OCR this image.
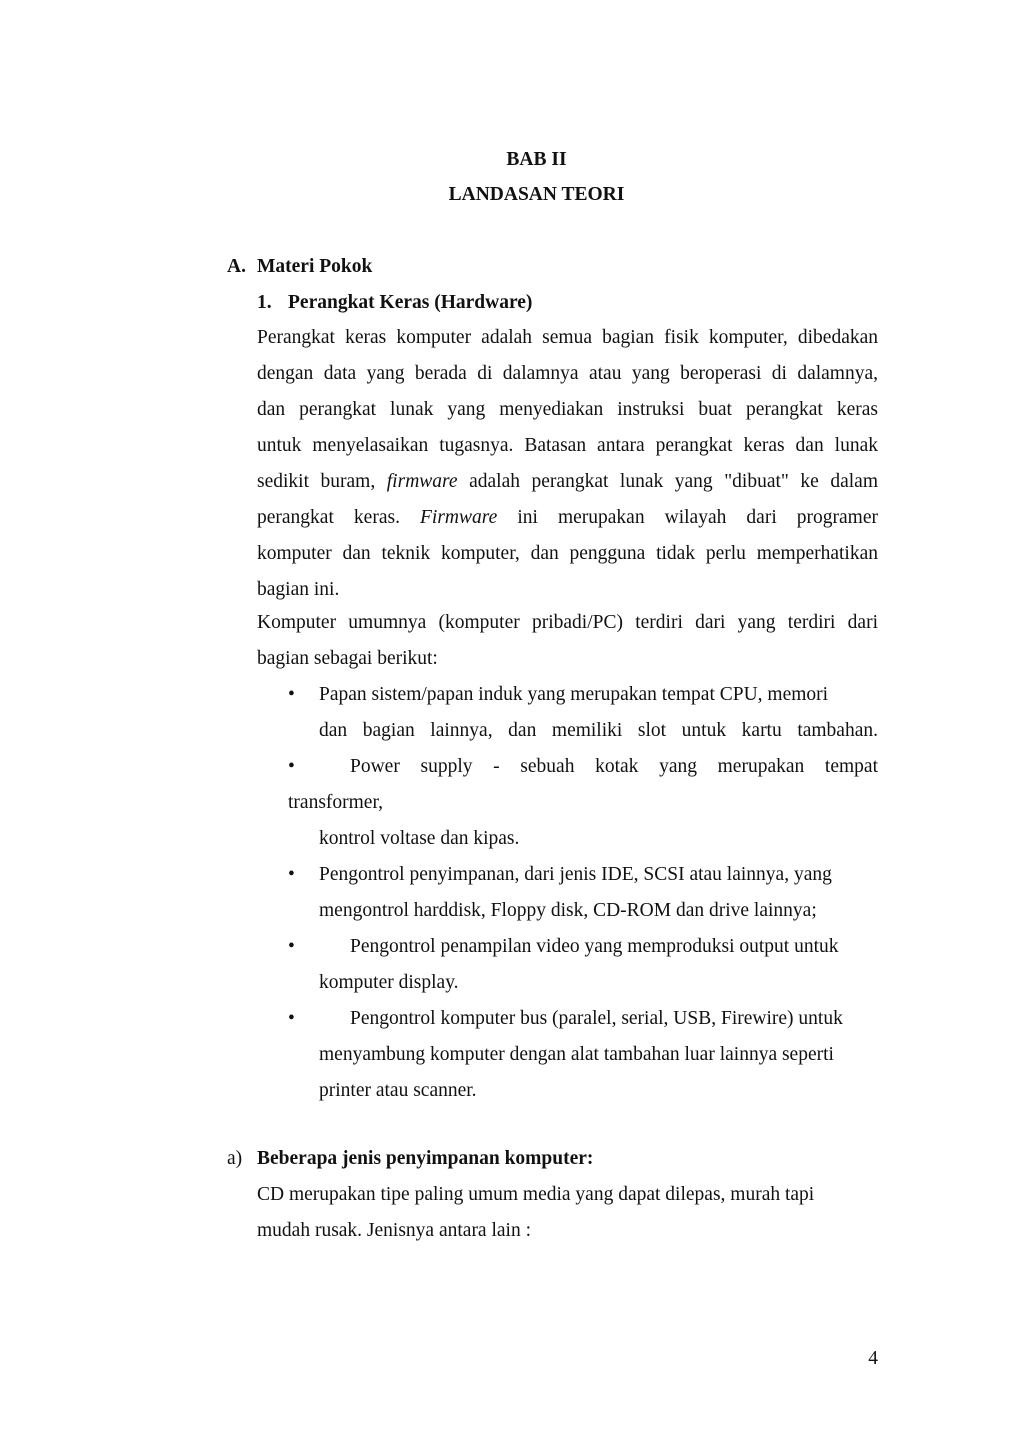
BAB II
LANDASAN TEORI
A. Materi Pokok
1. Perangkat Keras (Hardware)
Perangkat keras komputer adalah semua bagian fisik komputer, dibedakan
dengan data yang berada di dalamnya atau yang beroperasi di dalamnya,
dan perangkat lunak yang menyediakan instruksi buat perangkat keras
untuk menyelasaikan tugasnya. Batasan antara perangkat keras dan lunak
sedikit buram, firmware adalah perangkat lunak yang "dibuat" ke dalam
perangkat keras. Firmware ini merupakan wilayah dari programer
komputer dan teknik komputer, dan pengguna tidak perlu memperhatikan
bagian ini.
Komputer umumnya (komputer pribadi/PC) terdiri dari yang terdiri dari
bagian sebagai berikut:
•	Papan sistem/papan induk yang merupakan tempat CPU, memori
dan bagian lainnya, dan memiliki slot untuk kartu tambahan.
•	Power supply - sebuah kotak yang merupakan tempat
transformer,
kontrol voltase dan kipas.
•	Pengontrol penyimpanan, dari jenis IDE, SCSI atau lainnya, yang
mengontrol harddisk, Floppy disk, CD-ROM dan drive lainnya;
•	Pengontrol penampilan video yang memproduksi output untuk
komputer display.
•	Pengontrol komputer bus (paralel, serial, USB, Firewire) untuk
menyambung komputer dengan alat tambahan luar lainnya seperti
printer atau scanner.
a) Beberapa jenis penyimpanan komputer:
CD merupakan tipe paling umum media yang dapat dilepas, murah tapi
mudah rusak. Jenisnya antara lain :
4
